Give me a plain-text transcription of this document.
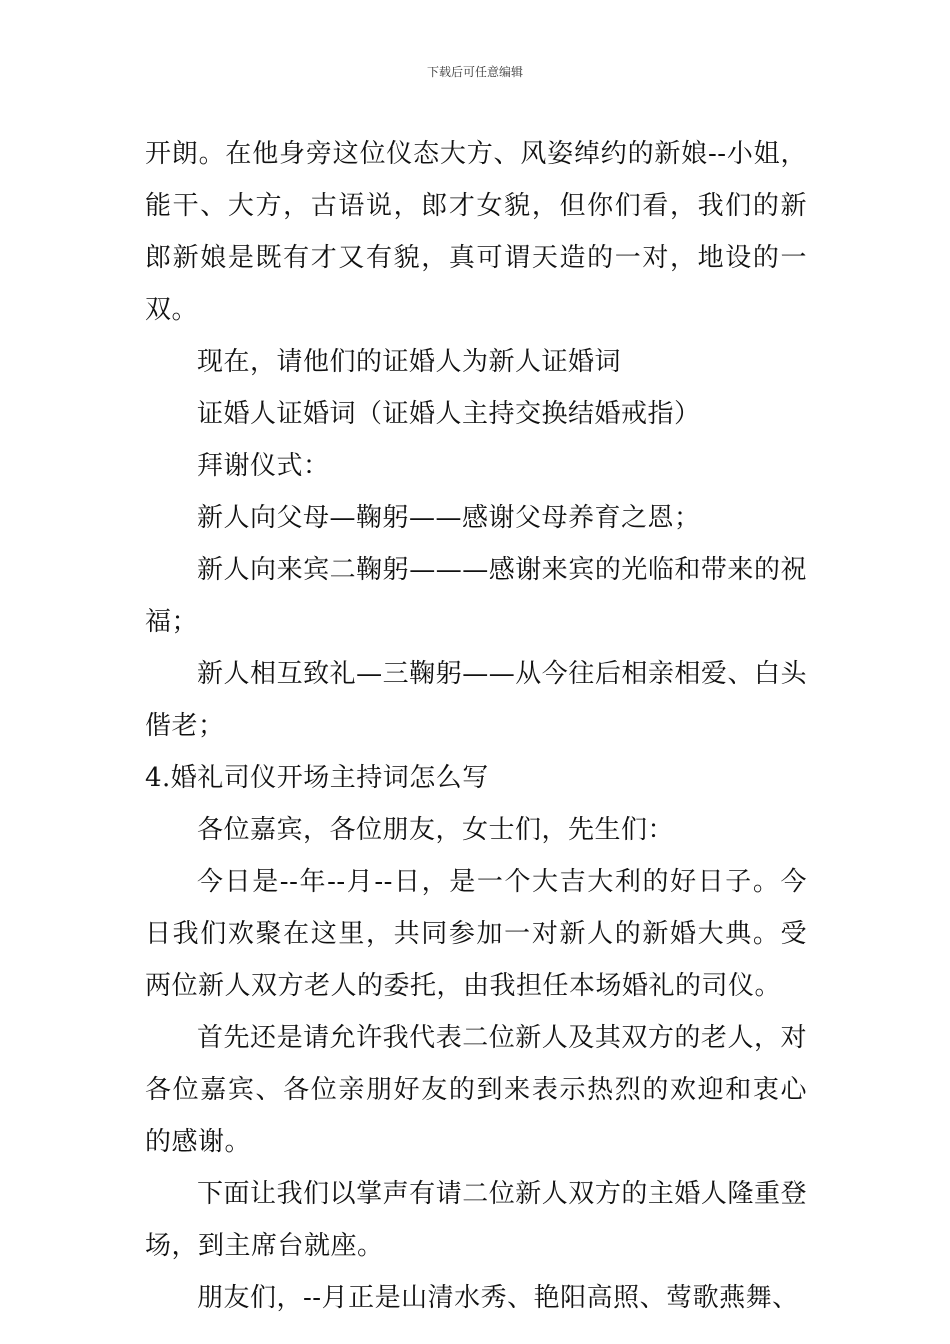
下载后可任意编辑

开朗。在他身旁这位仪态大方、风姿绰约的新娘--小姐，能干、大方，古语说，郎才女貌，但你们看，我们的新郎新娘是既有才又有貌，真可谓天造的一对，地设的一双。

现在，请他们的证婚人为新人证婚词

证婚人证婚词（证婚人主持交换结婚戒指）

拜谢仪式：

新人向父母—鞠躬——感谢父母养育之恩；

新人向来宾二鞠躬———感谢来宾的光临和带来的祝福；

新人相互致礼—三鞠躬——从今往后相亲相爱、白头偕老；

4.婚礼司仪开场主持词怎么写

各位嘉宾，各位朋友，女士们，先生们：

今日是--年--月--日，是一个大吉大利的好日子。今日我们欢聚在这里，共同参加一对新人的新婚大典。受两位新人双方老人的委托，由我担任本场婚礼的司仪。

首先还是请允许我代表二位新人及其双方的老人，对各位嘉宾、各位亲朋好友的到来表示热烈的欢迎和衷心的感谢。

下面让我们以掌声有请二位新人双方的主婚人隆重登场，到主席台就座。

朋友们，--月正是山清水秀、艳阳高照、莺歌燕舞、
